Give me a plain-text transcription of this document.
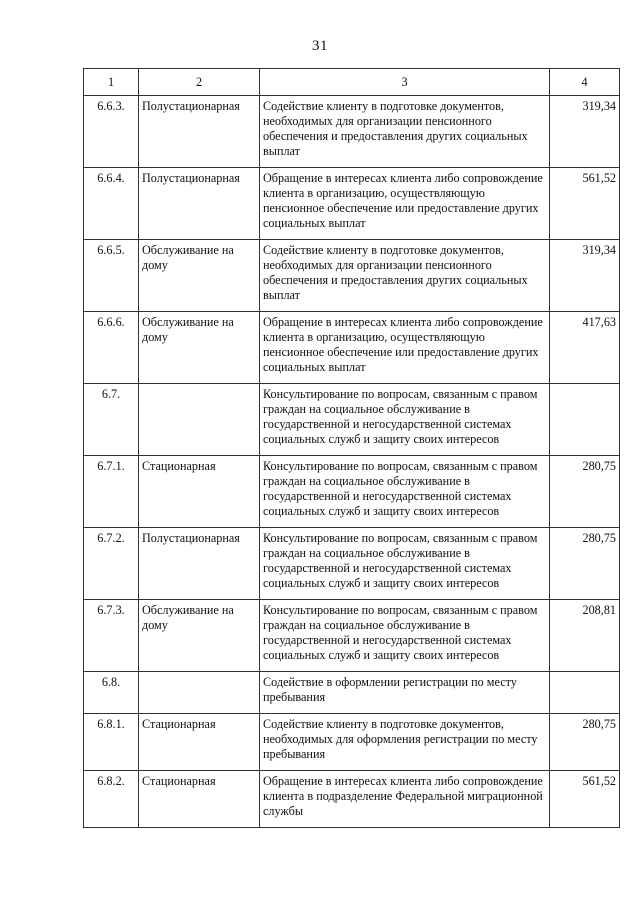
31
1	2	3	4
6.6.3.	Полустационарная	Содействие клиенту в подготовке документов, необходимых для организации пенсионного обеспечения и предоставления других социальных выплат	319,34
6.6.4.	Полустационарная	Обращение в интересах клиента либо сопровождение клиента в организацию, осуществляющую пенсионное обеспечение или предоставление других социальных выплат	561,52
6.6.5.	Обслуживание на дому	Содействие клиенту в подготовке документов, необходимых для организации пенсионного обеспечения и предоставления других социальных выплат	319,34
6.6.6.	Обслуживание на дому	Обращение в интересах клиента либо сопровождение клиента в организацию, осуществляющую пенсионное обеспечение или предоставление других социальных выплат	417,63
6.7.		Консультирование по вопросам, связанным с правом граждан на социальное обслуживание в государственной и негосударственной системах социальных служб и защиту своих интересов	
6.7.1.	Стационарная	Консультирование по вопросам, связанным с правом граждан на социальное обслуживание в государственной и негосударственной системах социальных служб и защиту своих интересов	280,75
6.7.2.	Полустационарная	Консультирование по вопросам, связанным с правом граждан на социальное обслуживание в государственной и негосударственной системах социальных служб и защиту своих интересов	280,75
6.7.3.	Обслуживание на дому	Консультирование по вопросам, связанным с правом граждан на социальное обслуживание в государственной и негосударственной системах социальных служб и защиту своих интересов	208,81
6.8.		Содействие в оформлении регистрации по месту пребывания	
6.8.1.	Стационарная	Содействие клиенту в подготовке документов, необходимых для оформления регистрации по месту пребывания	280,75
6.8.2.	Стационарная	Обращение в интересах клиента либо сопровождение клиента в подразделение Федеральной миграционной службы	561,52
